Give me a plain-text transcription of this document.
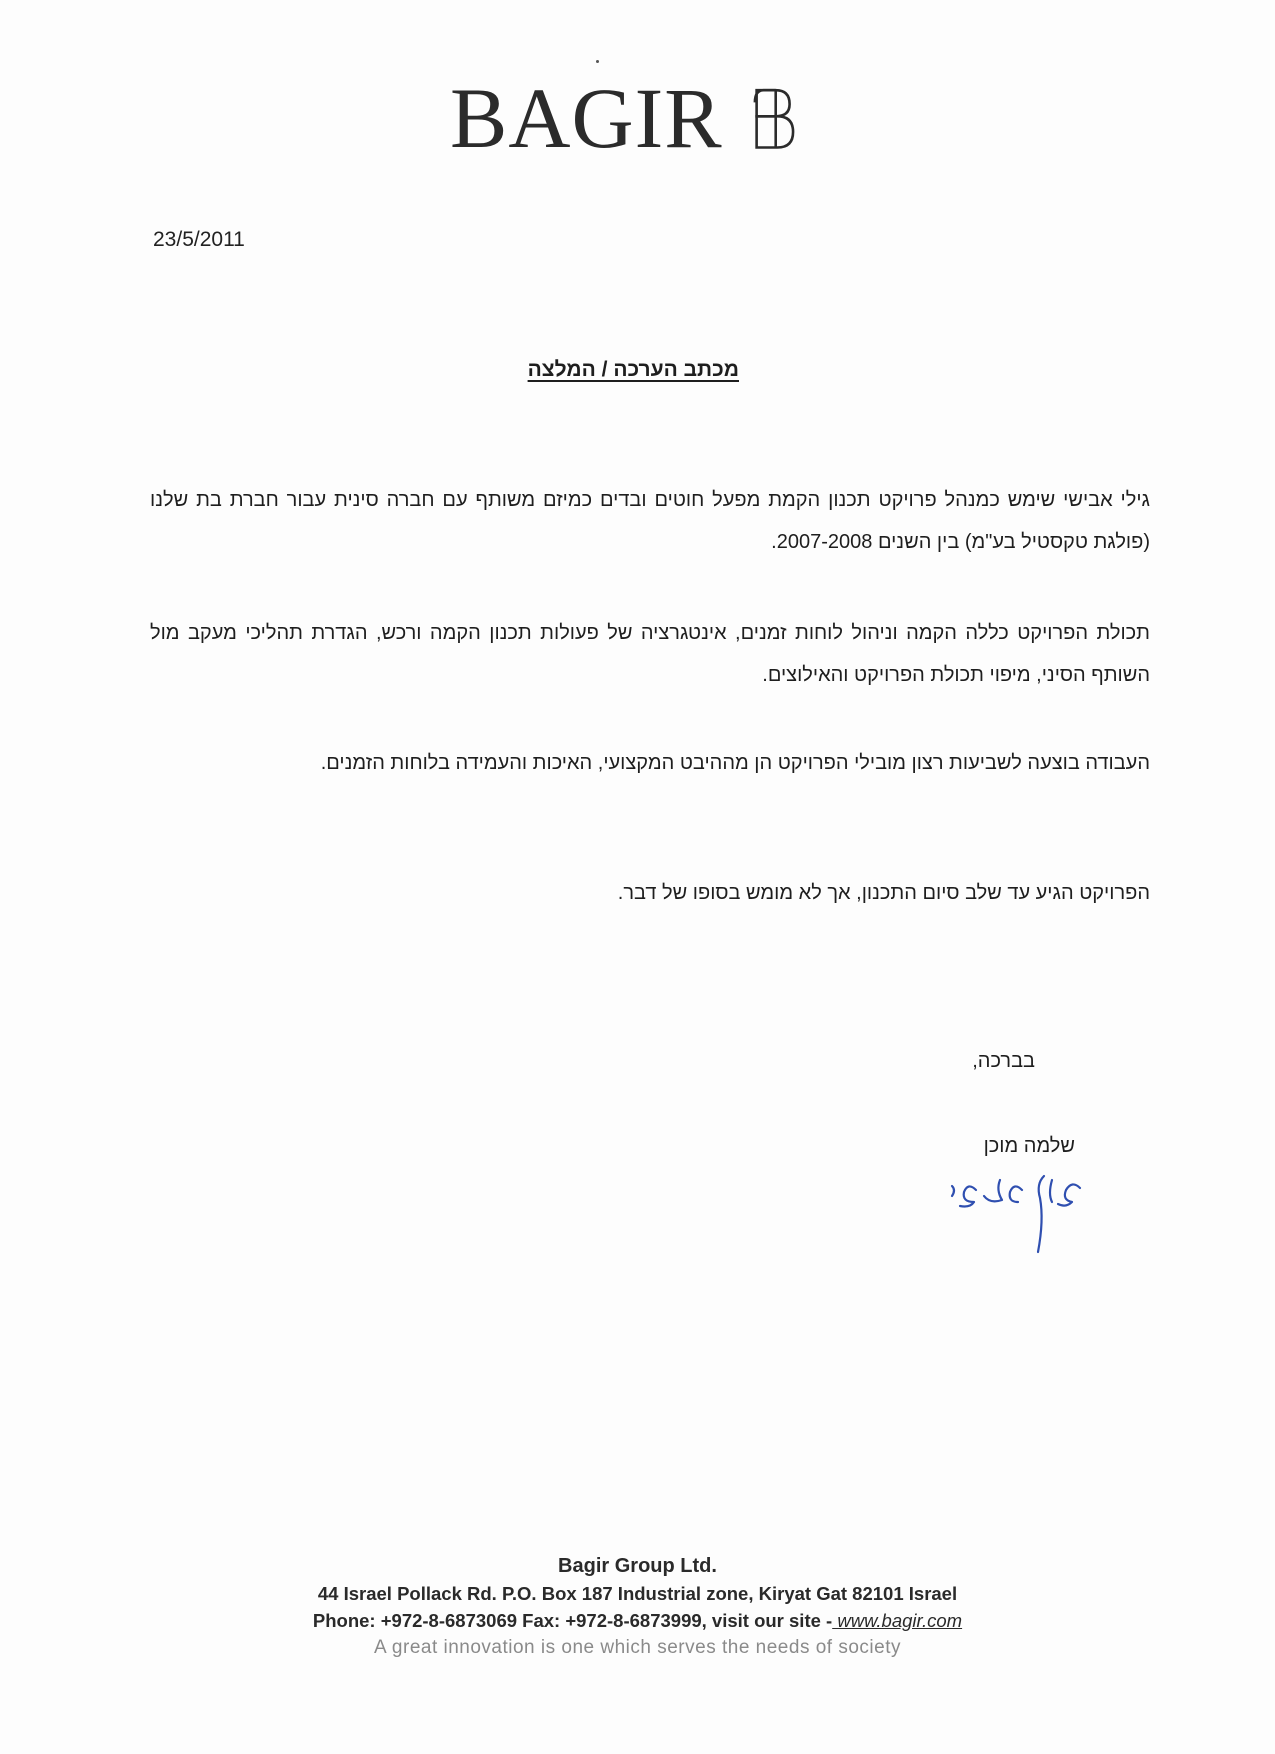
BAGIR
23/5/2011
מכתב הערכה / המלצה
גילי אבישי שימש כמנהל פרויקט תכנון הקמת מפעל חוטים ובדים כמיזם משותף עם חברה סינית עבור חברת בת שלנו (פולגת טקסטיל בע"מ) בין השנים 2007-2008.
תכולת הפרויקט כללה הקמה וניהול לוחות זמנים, אינטגרציה של פעולות תכנון הקמה ורכש, הגדרת תהליכי מעקב מול השותף הסיני, מיפוי תכולת הפרויקט והאילוצים.
העבודה בוצעה לשביעות רצון מובילי הפרויקט הן מההיבט המקצועי, האיכות והעמידה בלוחות הזמנים.
הפרויקט הגיע עד שלב סיום התכנון, אך לא מומש בסופו של דבר.
בברכה,
שלמה מוכן
Bagir Group Ltd.
44 Israel Pollack Rd. P.O. Box 187 Industrial zone, Kiryat Gat 82101 Israel
Phone: +972-8-6873069 Fax: +972-8-6873999, visit our site - www.bagir.com
A great innovation is one which serves the needs of society
